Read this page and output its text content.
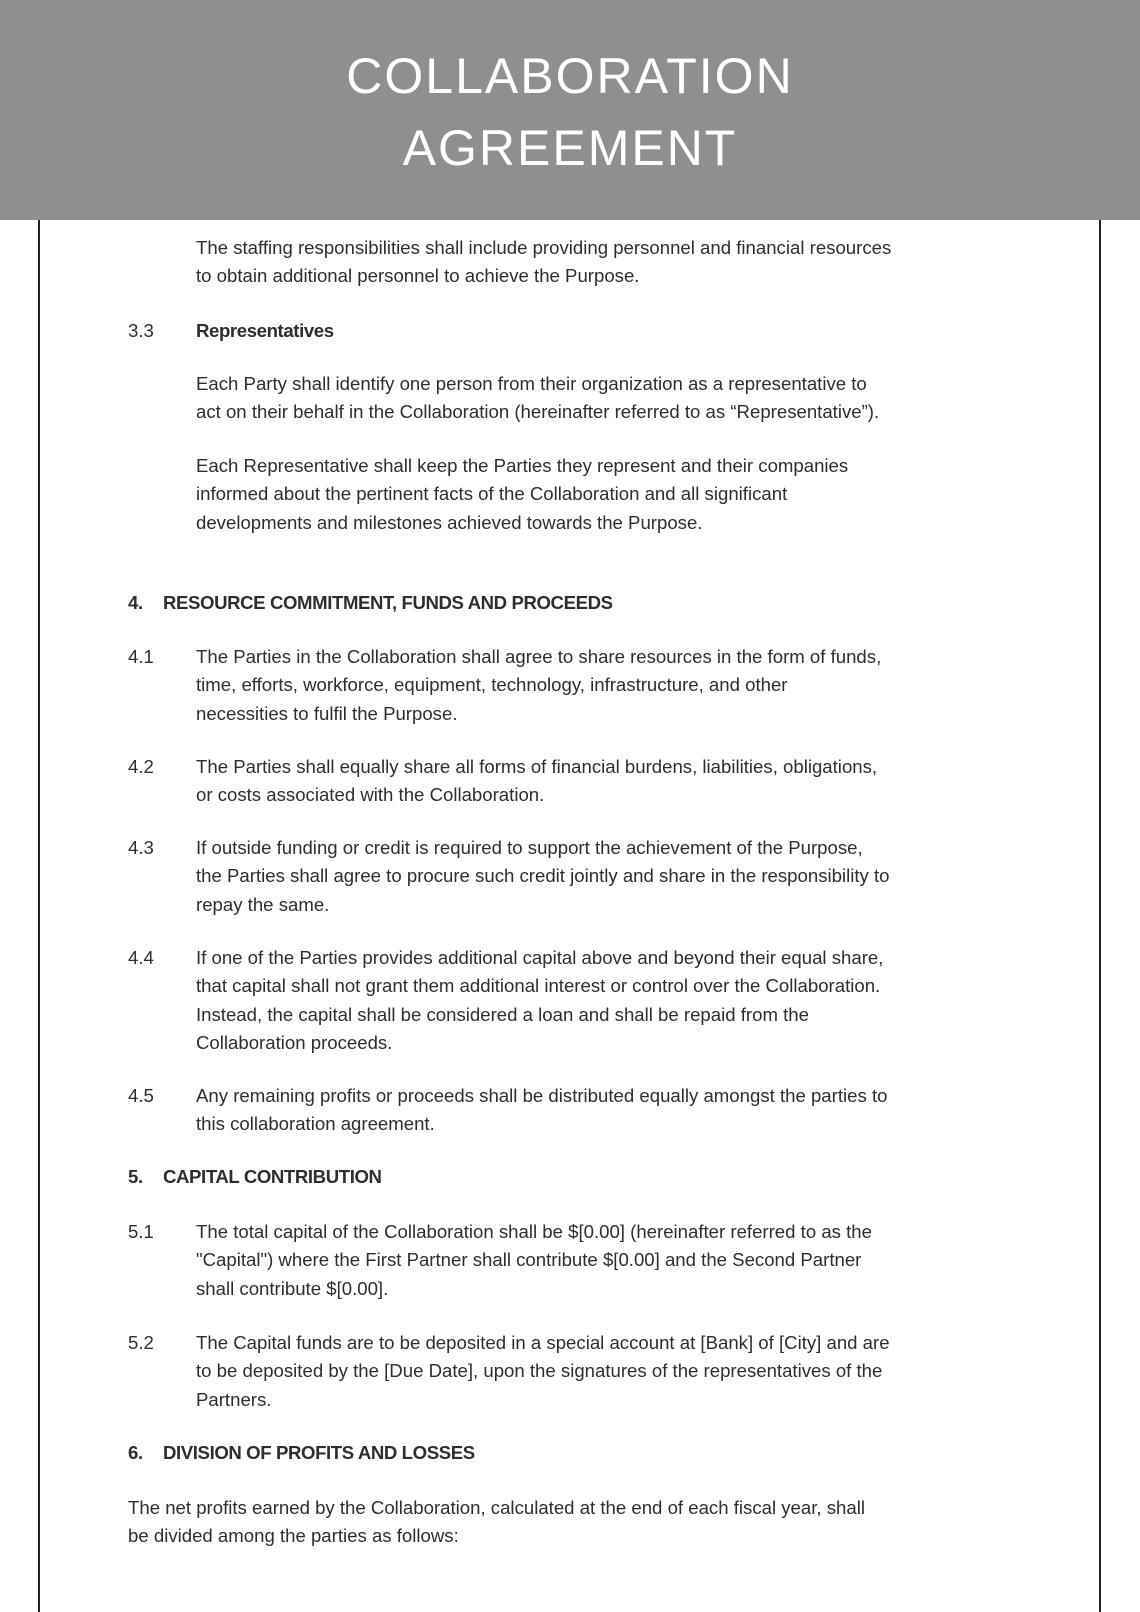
COLLABORATION
AGREEMENT
The staffing responsibilities shall include providing personnel and financial resources
to obtain additional personnel to achieve the Purpose.
3.3 Representatives
Each Party shall identify one person from their organization as a representative to
act on their behalf in the Collaboration (hereinafter referred to as “Representative”).
Each Representative shall keep the Parties they represent and their companies
informed about the pertinent facts of the Collaboration and all significant
developments and milestones achieved towards the Purpose.
4. RESOURCE COMMITMENT, FUNDS AND PROCEEDS
4.1 The Parties in the Collaboration shall agree to share resources in the form of funds,
time, efforts, workforce, equipment, technology, infrastructure, and other
necessities to fulfil the Purpose.
4.2 The Parties shall equally share all forms of financial burdens, liabilities, obligations,
or costs associated with the Collaboration.
4.3 If outside funding or credit is required to support the achievement of the Purpose,
the Parties shall agree to procure such credit jointly and share in the responsibility to
repay the same.
4.4 If one of the Parties provides additional capital above and beyond their equal share,
that capital shall not grant them additional interest or control over the Collaboration.
Instead, the capital shall be considered a loan and shall be repaid from the
Collaboration proceeds.
4.5 Any remaining profits or proceeds shall be distributed equally amongst the parties to
this collaboration agreement.
5. CAPITAL CONTRIBUTION
5.1 The total capital of the Collaboration shall be $[0.00] (hereinafter referred to as the
"Capital") where the First Partner shall contribute $[0.00] and the Second Partner
shall contribute $[0.00].
5.2 The Capital funds are to be deposited in a special account at [Bank] of [City] and are
to be deposited by the [Due Date], upon the signatures of the representatives of the
Partners.
6. DIVISION OF PROFITS AND LOSSES
The net profits earned by the Collaboration, calculated at the end of each fiscal year, shall
be divided among the parties as follows:
